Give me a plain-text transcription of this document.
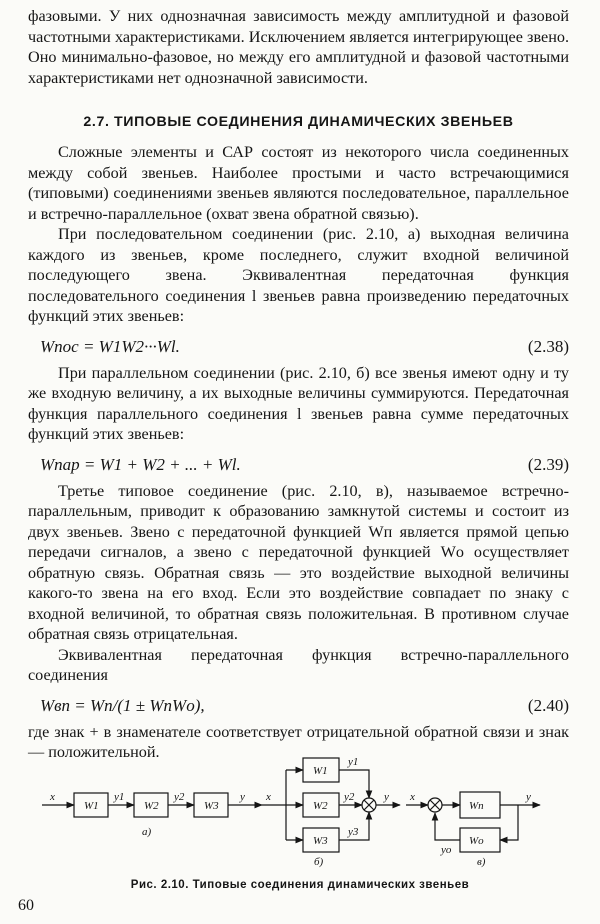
фазовыми. У них однозначная зависимость между амплитудной и фазовой частотными характеристиками. Исключением является интегрирующее звено. Оно минимально-фазовое, но между его амплитудной и фазовой частотными характеристиками нет однозначной зависимости.

2.7. ТИПОВЫЕ СОЕДИНЕНИЯ ДИНАМИЧЕСКИХ ЗВЕНЬЕВ

Сложные элементы и САР состоят из некоторого числа соединенных между собой звеньев. Наиболее простыми и часто встречающимися (типовыми) соединениями звеньев являются последовательное, параллельное и встречно-параллельное (охват звена обратной связью).

При последовательном соединении (рис. 2.10, а) выходная величина каждого из звеньев, кроме последнего, служит входной величиной последующего звена. Эквивалентная передаточная функция последовательного соединения l звеньев равна произведению передаточных функций этих звеньев:

Wпос = W1W2···Wl.	(2.38)

При параллельном соединении (рис. 2.10, б) все звенья имеют одну и ту же входную величину, а их выходные величины суммируются. Передаточная функция параллельного соединения l звеньев равна сумме передаточных функций этих звеньев:

Wпар = W1 + W2 + ... + Wl.	(2.39)

Третье типовое соединение (рис. 2.10, в), называемое встречно-параллельным, приводит к образованию замкнутой системы и состоит из двух звеньев. Звено с передаточной функцией Wп является прямой цепью передачи сигналов, а звено с передаточной функцией Wо осуществляет обратную связь. Обратная связь — это воздействие выходной величины какого-то звена на его вход. Если это воздействие совпадает по знаку с входной величиной, то обратная связь положительная. В противном случае обратная связь отрицательная.

Эквивалентная передаточная функция встречно-параллельного соединения

Wвп = Wп/(1 ± WпWо),	(2.40)

где знак + в знаменателе соответствует отрицательной обратной связи и знак — положительной.

x
W1
y1
W2
y2
W3
y
а)
x
W1
W2
W3
y1
y2
y3
y
б)
x
Wп
Wо
y
yо
в)
Рис. 2.10. Типовые соединения динамических звеньев
60
